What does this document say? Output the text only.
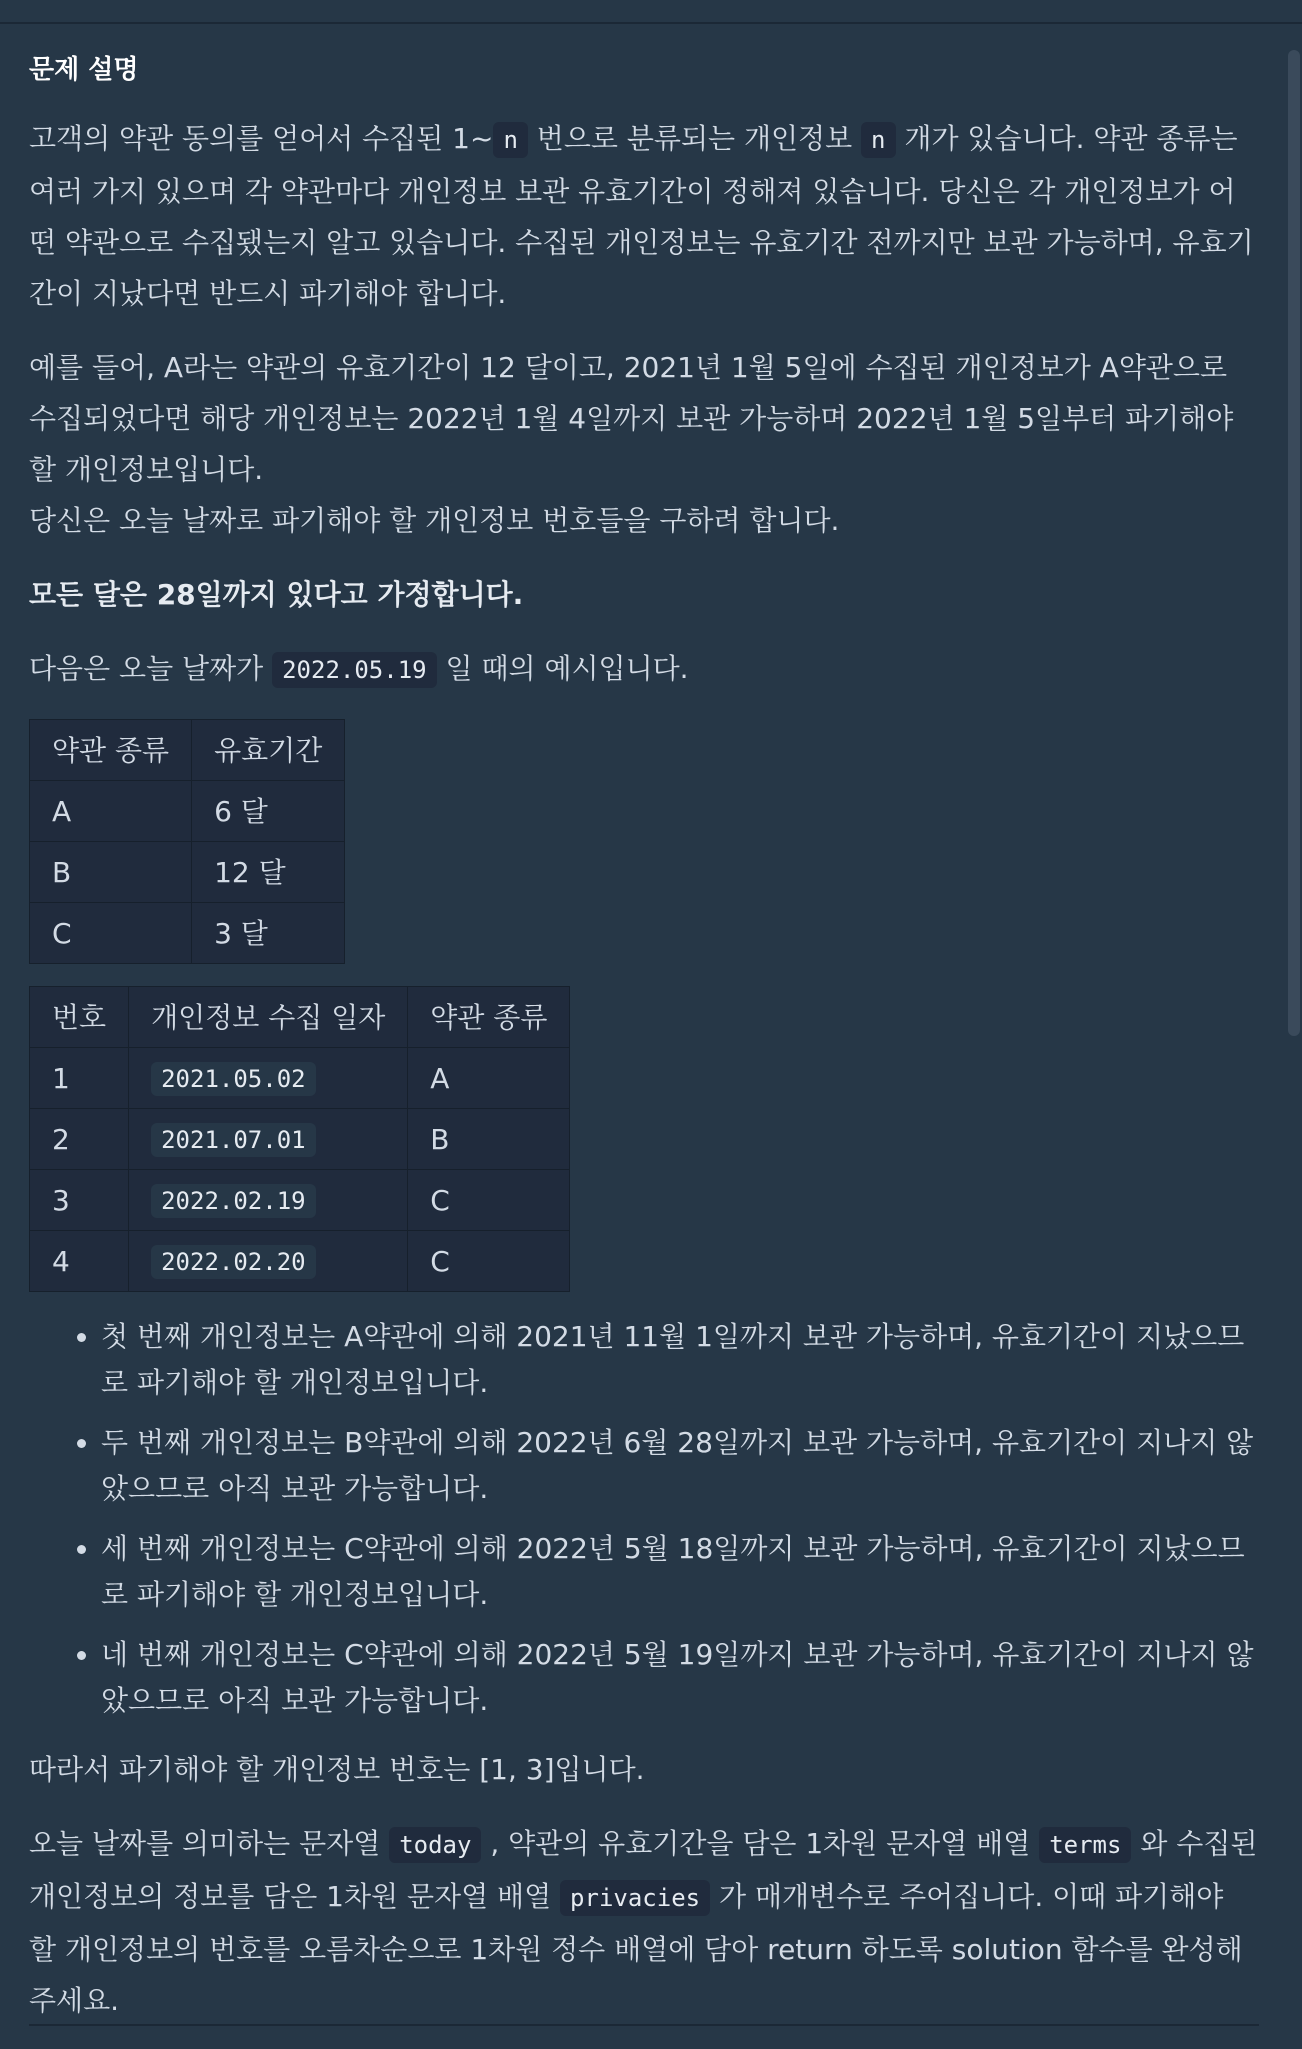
문제 설명

고객의 약관 동의를 얻어서 수집된 1~ n 번으로 분류되는 개인정보 n 개가 있습니다. 약관 종류는 여러 가지 있으며 각 약관마다 개인정보 보관 유효기간이 정해져 있습니다. 당신은 각 개인정보가 어떤 약관으로 수집됐는지 알고 있습니다. 수집된 개인정보는 유효기간 전까지만 보관 가능하며, 유효기간이 지났다면 반드시 파기해야 합니다.

예를 들어, A라는 약관의 유효기간이 12 달이고, 2021년 1월 5일에 수집된 개인정보가 A약관으로 수집되었다면 해당 개인정보는 2022년 1월 4일까지 보관 가능하며 2022년 1월 5일부터 파기해야 할 개인정보입니다.

당신은 오늘 날짜로 파기해야 할 개인정보 번호들을 구하려 합니다.

모든 달은 28일까지 있다고 가정합니다.

다음은 오늘 날짜가 2022.05.19 일 때의 예시입니다.

약관 종류	유효기간
A	6 달
B	12 달
C	3 달
번호	개인정보 수집 일자	약관 종류
1	2021.05.02	A
2	2021.07.01	B
3	2022.02.19	C
4	2022.02.20	C
• 첫 번째 개인정보는 A약관에 의해 2021년 11월 1일까지 보관 가능하며, 유효기간이 지났으므로 파기해야 할 개인정보입니다.
• 두 번째 개인정보는 B약관에 의해 2022년 6월 28일까지 보관 가능하며, 유효기간이 지나지 않았으므로 아직 보관 가능합니다.
• 세 번째 개인정보는 C약관에 의해 2022년 5월 18일까지 보관 가능하며, 유효기간이 지났으므로 파기해야 할 개인정보입니다.
• 네 번째 개인정보는 C약관에 의해 2022년 5월 19일까지 보관 가능하며, 유효기간이 지나지 않았으므로 아직 보관 가능합니다.

따라서 파기해야 할 개인정보 번호는 [1, 3]입니다.

오늘 날짜를 의미하는 문자열 today , 약관의 유효기간을 담은 1차원 문자열 배열 terms 와 수집된 개인정보의 정보를 담은 1차원 문자열 배열 privacies 가 매개변수로 주어집니다. 이때 파기해야 할 개인정보의 번호를 오름차순으로 1차원 정수 배열에 담아 return 하도록 solution 함수를 완성해 주세요.
